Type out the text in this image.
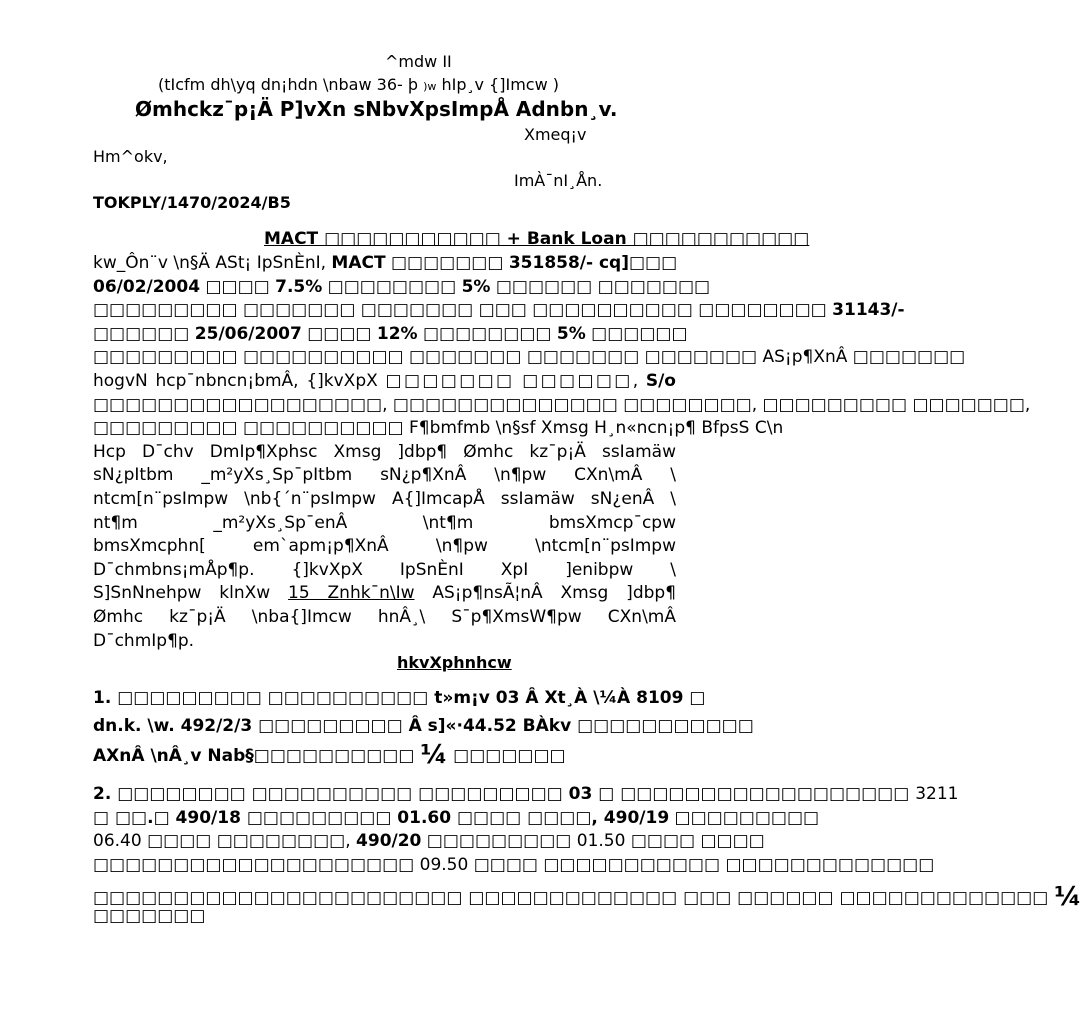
^mdw II
(tIcfm dh\yq dn¡hdn \nbaw 36- þ )w hIp¸v {]Imcw )
Ømhckz¯p¡Ä P]vXn sNbvXpsImpÅ Adnbn¸v.
Xmeq¡v
Hm^okv,
ImÀ¯nI¸Ån.
TOKPLY/1470/2024/B5
MACT □□□□□□□□□□□ + Bank Loan □□□□□□□□□□□
kw_Ôn¨v \n§Ä ASt¡ IpSnÈnI, MACT □□□□□□□ 351858/- cq]□□□
06/02/2004 □□□□ 7.5% □□□□□□□□ 5% □□□□□□ □□□□□□□
□□□□□□□□□ □□□□□□□ □□□□□□□ □□□ □□□□□□□□□□ □□□□□□□□ 31143/-
□□□□□□ 25/06/2007 □□□□ 12% □□□□□□□□ 5% □□□□□□
□□□□□□□□□ □□□□□□□□□□ □□□□□□□ □□□□□□□ □□□□□□□ AS¡p¶XnÂ □□□□□□□
hogvN hcp¯nbncn¡bmÂ, {]kvXpX □□□□□□□ □□□□□□, S/o
□□□□□□□□□□□□□□□□□□, □□□□□□□□□□□□□□ □□□□□□□□, □□□□□□□□□ □□□□□□□,
□□□□□□□□□ □□□□□□□□□□ F¶bmfmb \n§sf Xmsg H¸n«ncn¡p¶ BfpsS C\n
Hcp D¯chv DmIp¶Xphsc Xmsg ]dbp¶ Ømhc kz¯p¡Ä ssIamäw
sN¿pItbm _m²yXs¸Sp¯pItbm sN¿p¶XnÂ \n¶pw CXn\mÂ \
ntcm[n¨psImpw \nb{´n¨psImpw A{]ImcapÅ ssIamäw sN¿enÂ \
nt¶m _m²yXs¸Sp¯enÂ \nt¶m bmsXmcp¯cpw
bmsXmcphn[ em`apm¡p¶XnÂ \n¶pw \ntcm[n¨psImpw
D¯chmbns¡mÅp¶p. {]kvXpX IpSnÈnI XpI ]enibpw \
S]SnNnehpw klnXw 15 Znhk¯n\Iw AS¡p¶nsÃ¦nÂ Xmsg ]dbp¶
Ømhc kz¯p¡Ä \nba{]Imcw hnÂ¸\ S¯p¶XmsW¶pw CXn\mÂ
D¯chmIp¶p.
hkvXphnhcw
1. □□□□□□□□□ □□□□□□□□□□ t»m¡v 03 Â Xt¸À \¼À 8109 □
dn.k. \w. 492/2/3 □□□□□□□□□ Â s]«·44.52 BÀkv □□□□□□□□□□□
AXnÂ \nÂ¸v Nab§□□□□□□□□□□ ¼ □□□□□□□
2. □□□□□□□□ □□□□□□□□□□ □□□□□□□□□ 03 □ □□□□□□□□□□□□□□□□□□ 3211
□ □□.□ 490/18 □□□□□□□□□ 01.60 □□□□ □□□□, 490/19 □□□□□□□□□
06.40 □□□□ □□□□□□□□, 490/20 □□□□□□□□□ 01.50 □□□□ □□□□
□□□□□□□□□□□□□□□□□□□□ 09.50 □□□□ □□□□□□□□□□□ □□□□□□□□□□□□□
□□□□□□□□□□□□□□□□□□□□□□□ □□□□□□□□□□□□□ □□□ □□□□□□ □□□□□□□□□□□□□ ¼
□□□□□□□
